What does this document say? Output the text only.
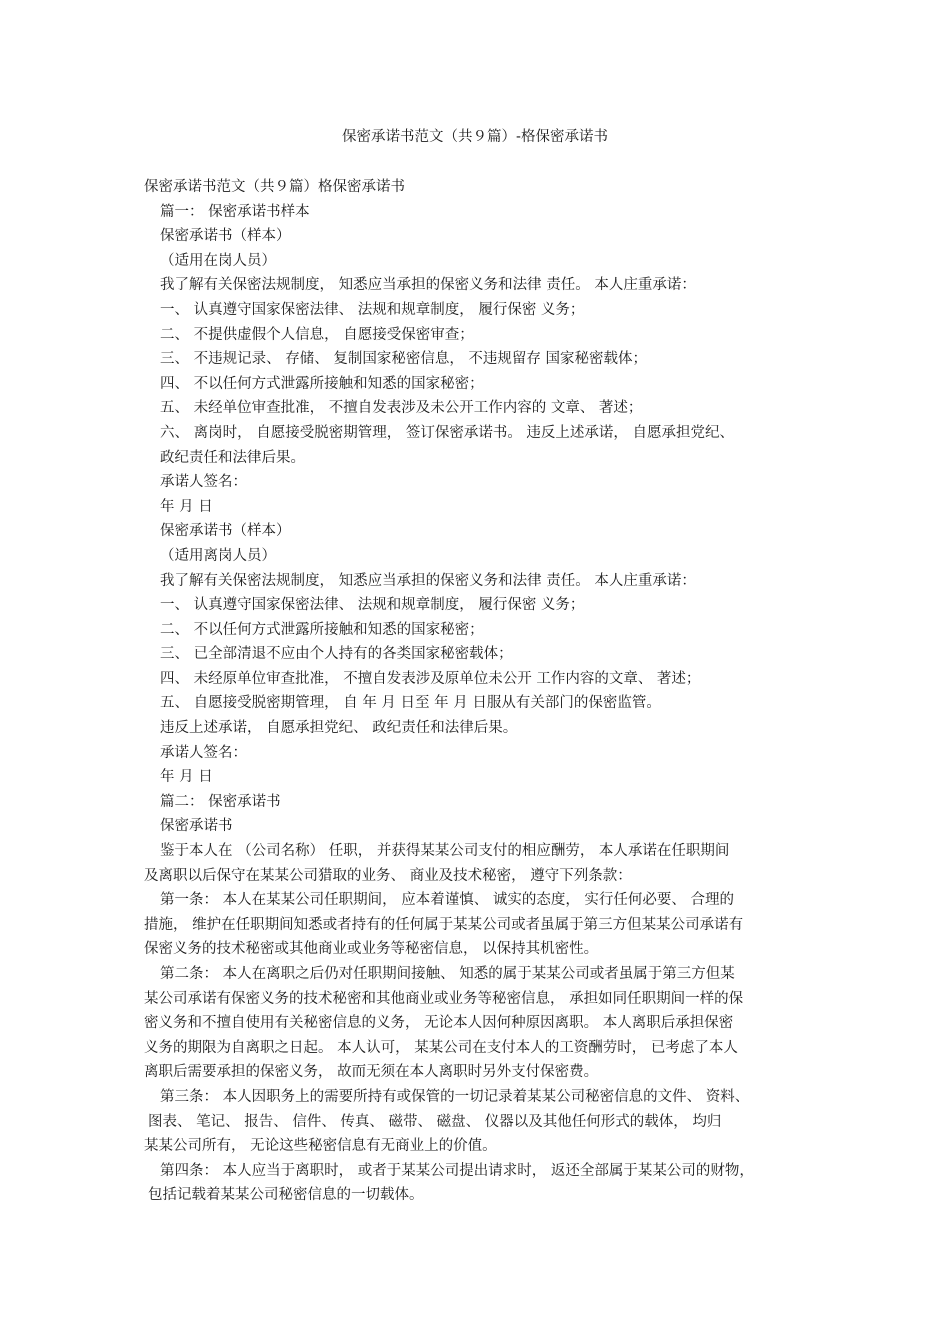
保密承诺书范文（共９篇）-格保密承诺书
保密承诺书范文（共９篇）格保密承诺书
篇一： 保密承诺书样本
保密承诺书（样本）
（适用在岗人员）
我了解有关保密法规制度， 知悉应当承担的保密义务和法律 责任。 本人庄重承诺：
一、 认真遵守国家保密法律、 法规和规章制度， 履行保密 义务；
二、 不提供虚假个人信息， 自愿接受保密审查；
三、 不违规记录、 存储、 复制国家秘密信息， 不违规留存 国家秘密载体；
四、 不以任何方式泄露所接触和知悉的国家秘密；
五、 未经单位审查批准， 不擅自发表涉及未公开工作内容的 文章、 著述；
六、 离岗时， 自愿接受脱密期管理， 签订保密承诺书。 违反上述承诺， 自愿承担党纪、
政纪责任和法律后果。
承诺人签名：
年 月 日
保密承诺书（样本）
（适用离岗人员）
我了解有关保密法规制度， 知悉应当承担的保密义务和法律 责任。 本人庄重承诺：
一、 认真遵守国家保密法律、 法规和规章制度， 履行保密 义务；
二、 不以任何方式泄露所接触和知悉的国家秘密；
三、 已全部清退不应由个人持有的各类国家秘密载体；
四、 未经原单位审查批准， 不擅自发表涉及原单位未公开 工作内容的文章、 著述；
五、 自愿接受脱密期管理， 自 年 月 日至 年 月 日服从有关部门的保密监管。
违反上述承诺， 自愿承担党纪、 政纪责任和法律后果。
承诺人签名：
年 月 日
篇二： 保密承诺书
保密承诺书
鉴于本人在 （公司名称） 任职， 并获得某某公司支付的相应酬劳， 本人承诺在任职期间
及离职以后保守在某某公司猎取的业务、 商业及技术秘密， 遵守下列条款：
第一条： 本人在某某公司任职期间， 应本着谨慎、 诚实的态度， 实行任何必要、 合理的
措施， 维护在任职期间知悉或者持有的任何属于某某公司或者虽属于第三方但某某公司承诺有
保密义务的技术秘密或其他商业或业务等秘密信息， 以保持其机密性。
第二条： 本人在离职之后仍对任职期间接触、 知悉的属于某某公司或者虽属于第三方但某
某公司承诺有保密义务的技术秘密和其他商业或业务等秘密信息， 承担如同任职期间一样的保
密义务和不擅自使用有关秘密信息的义务， 无论本人因何种原因离职。 本人离职后承担保密
义务的期限为自离职之日起。 本人认可， 某某公司在支付本人的工资酬劳时， 已考虑了本人
离职后需要承担的保密义务， 故而无须在本人离职时另外支付保密费。
第三条： 本人因职务上的需要所持有或保管的一切记录着某某公司秘密信息的文件、 资料、
图表、 笔记、 报告、 信件、 传真、 磁带、 磁盘、 仪器以及其他任何形式的载体， 均归
某某公司所有， 无论这些秘密信息有无商业上的价值。
第四条： 本人应当于离职时， 或者于某某公司提出请求时， 返还全部属于某某公司的财物，
包括记载着某某公司秘密信息的一切载体。
